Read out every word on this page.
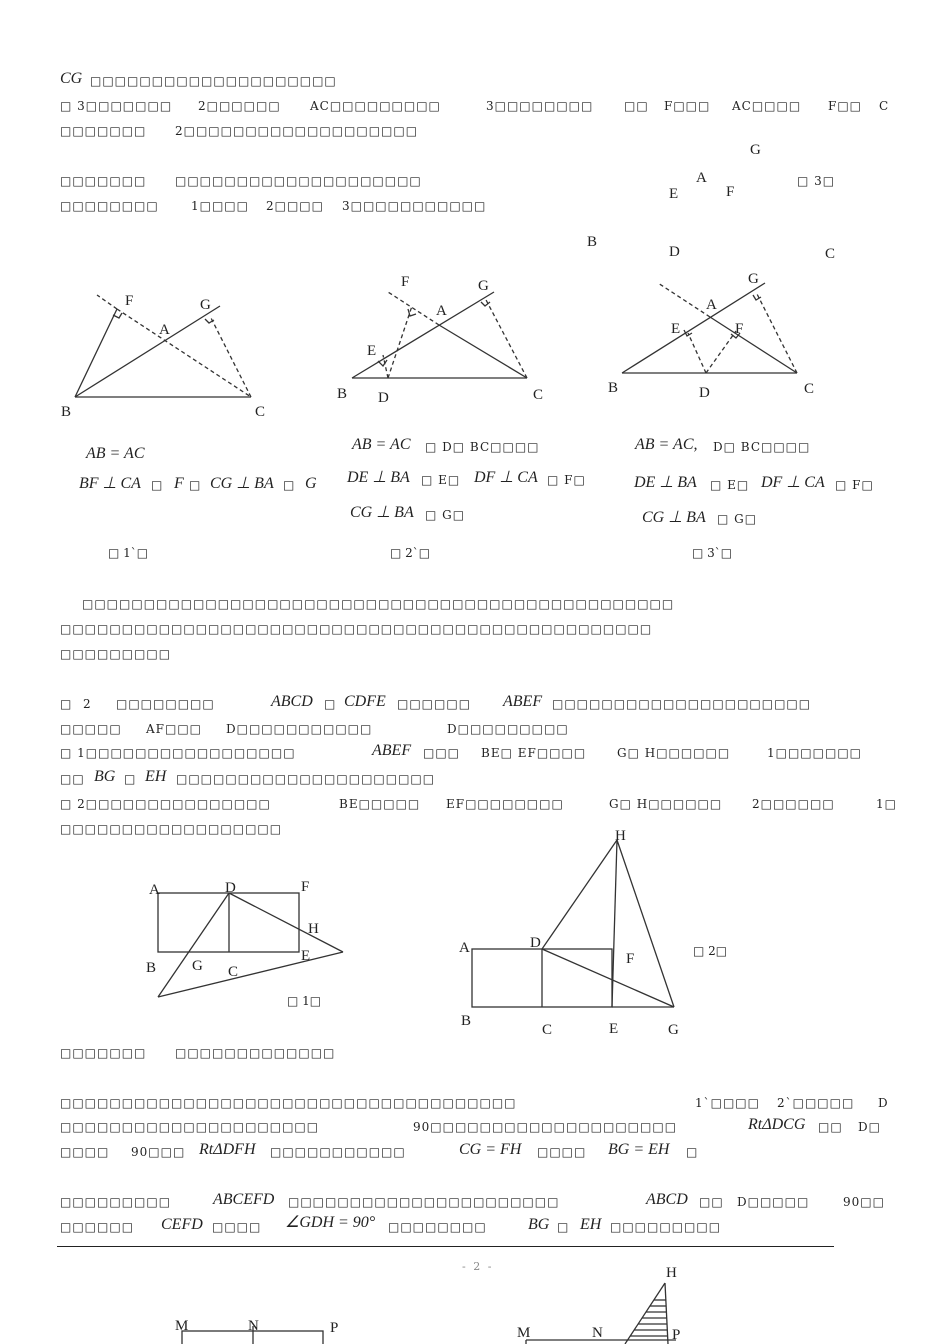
CG □□□□□□□□□□□□□□□□□□□□
□ 3□□□□□□□ 2□□□□□□ AC□□□□□□□□□	3□□□□□□□□	□□ F□□□ AC□□□□ F□□ C
□□□□□□□ 2□□□□□□□□□□□□□□□□□□□
□□□□□□□ □□□□□□□□□□□□□□□□□□□□
□□□□□□□□	1□□□□ 2□□□□ 3□□□□□□□□□□□
G
A
E	F
□ 3□
B
D	C
F	G
A
B	C
F	G
A
E
B D	C
G
A
E	F
B	D	C
AB = AC
BF ⊥ CA □ F □ CG ⊥ BA □ G
□ 1`□
AB = AC □ D□ BC□□□□
DE ⊥ BA □ E□ DF ⊥ CA □ F□
CG ⊥ BA □ G□
□ 2`□
AB = AC, D□ BC□□□□
DE ⊥ BA □ E□ DF ⊥ CA □ F□
CG ⊥ BA □ G□
□ 3`□
□□□□□□□□□□□□□□□□□□□□□□□□□□□□□□□□□□□□□□□□□□□□□□□□
□□□□□□□□□□□□□□□□□□□□□□□□□□□□□□□□□□□□□□□□□□□□□□□□
□□□□□□□□□
□ 2 □□□□□□□□	ABCD □ CDFE □□□□□□ ABEF □□□□□□□□□□□□□□□□□□□□□
□□□□□ AF□□□ D□□□□□□□□□□□	D□□□□□□□□□
□ 1□□□□□□□□□□□□□□□□□	ABEF □□□ BE□ EF□□□□	G□ H□□□□□□	1□□□□□□□
□□ BG □ EH □□□□□□□□□□□□□□□□□□□□□
□ 2□□□□□□□□□□□□□□□	BE□□□□□ EF□□□□□□□□	G□ H□□□□□□ 2□□□□□□	1□
□□□□□□□□□□□□□□□□□□
A	D	F
H
B G C
E
□ 1□
H
A	D
F	□ 2□
B
C	E	G
□□□□□□□ □□□□□□□□□□□□□
□□□□□□□□□□□□□□□□□□□□□□□□□□□□□□□□□□□□□	1`□□□□ 2`□□□□□ D
□□□□□□□□□□□□□□□□□□□□□	90□□□□□□□□□□□□□□□□□□□□	RtΔDCG □□ D□
□□□□ 90□□□ RtΔDFH □□□□□□□□□□□	CG = FH □□□□ BG = EH □
□□□□□□□□□	ABCEFD □□□□□□□□□□□□□□□□□□□□□□	ABCD □□ D□□□□□	90□□
□□□□□□ CEFD □□□□ ∠GDH = 90° □□□□□□□□	BG □ EH □□□□□□□□□
- 2 -
M	N	P
H
M	N	P
